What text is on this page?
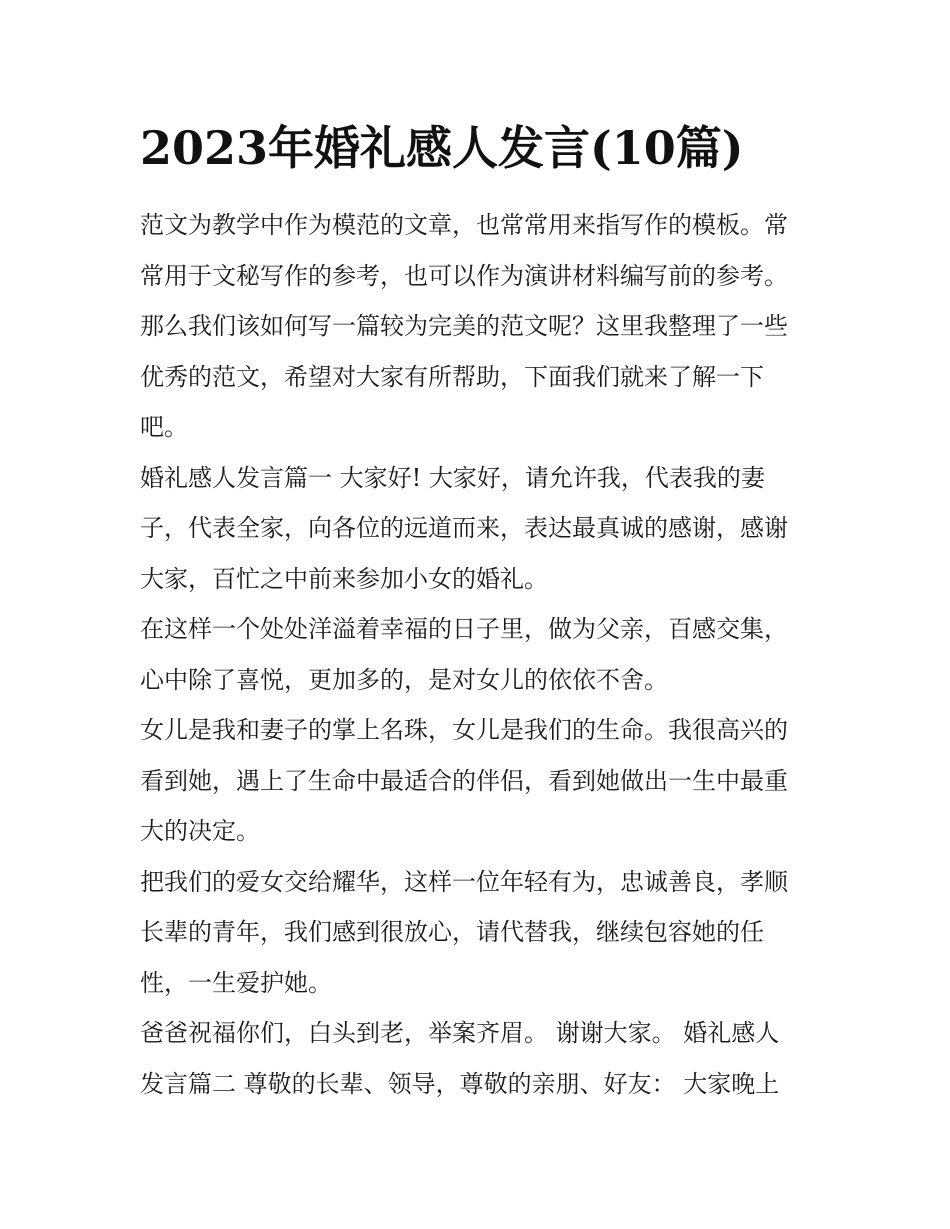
2023年婚礼感人发言(10篇)

范文为教学中作为模范的文章，也常常用来指写作的模板。常
常用于文秘写作的参考，也可以作为演讲材料编写前的参考。
那么我们该如何写一篇较为完美的范文呢？这里我整理了一些
优秀的范文，希望对大家有所帮助，下面我们就来了解一下
吧。

婚礼感人发言篇一 大家好! 大家好，请允许我，代表我的妻
子，代表全家，向各位的远道而来，表达最真诚的感谢，感谢
大家，百忙之中前来参加小女的婚礼。

在这样一个处处洋溢着幸福的日子里，做为父亲，百感交集，
心中除了喜悦，更加多的，是对女儿的依依不舍。

女儿是我和妻子的掌上名珠，女儿是我们的生命。我很高兴的
看到她，遇上了生命中最适合的伴侣，看到她做出一生中最重
大的决定。

把我们的爱女交给耀华，这样一位年轻有为，忠诚善良，孝顺
长辈的青年，我们感到很放心，请代替我，继续包容她的任
性，一生爱护她。

爸爸祝福你们，白头到老，举案齐眉。 谢谢大家。 婚礼感人
发言篇二 尊敬的长辈、领导，尊敬的亲朋、好友： 大家晚上
